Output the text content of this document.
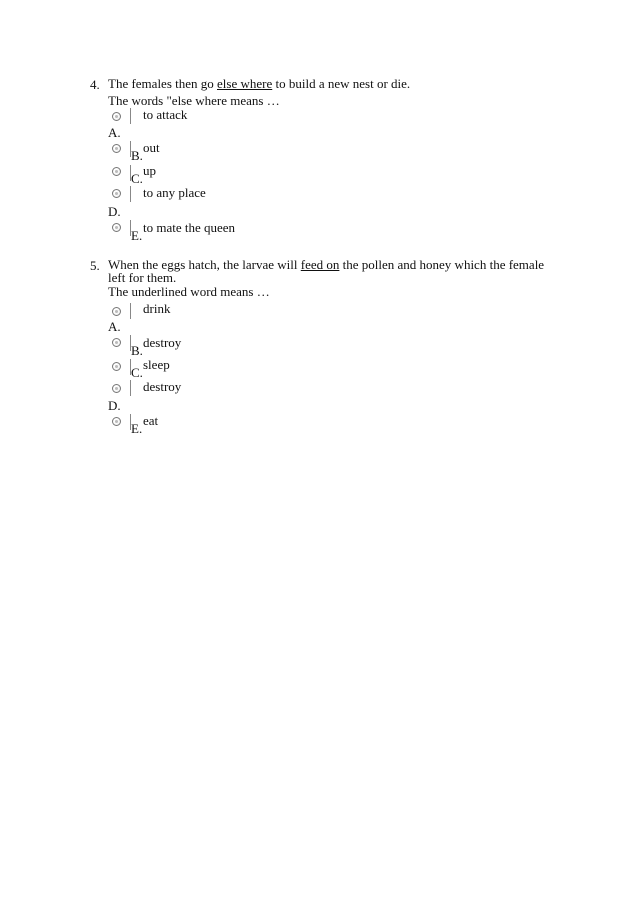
4. The females then go else where to build a new nest or die.
The words "else where means …
to attack
A.
out
B.
up
C.
to any place
D.
to mate the queen
E.
5. When the eggs hatch, the larvae will feed on the pollen and honey which the female
left for them.
The underlined word means …
drink
A.
destroy
B.
sleep
C.
destroy
D.
eat
E.
